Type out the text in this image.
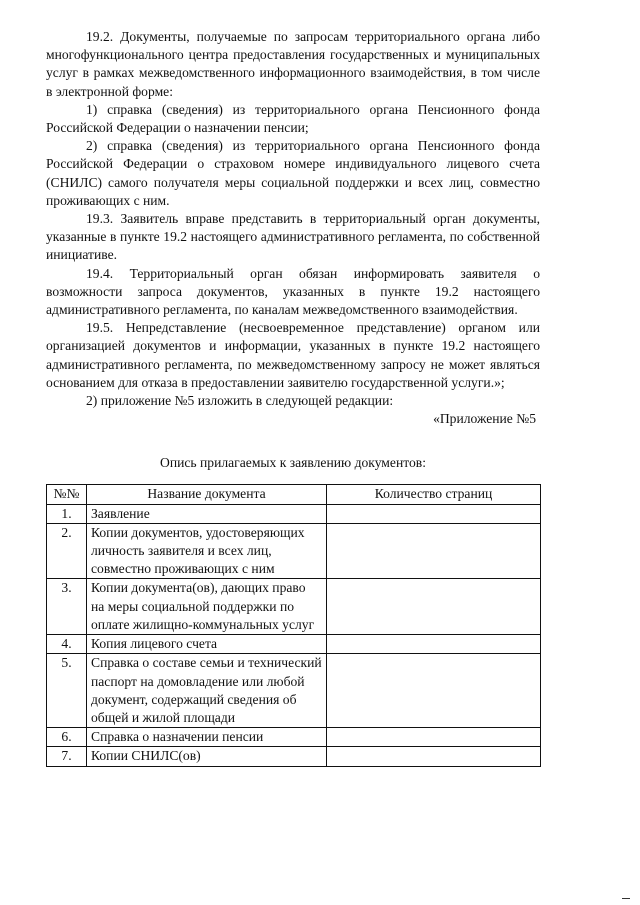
19.2. Документы, получаемые по запросам территориального органа либо многофункционального центра предоставления государственных и муниципальных услуг в рамках межведомственного информационного взаимодействия, в том числе в электронной форме:

1) справка (сведения) из территориального органа Пенсионного фонда Российской Федерации о назначении пенсии;

2) справка (сведения) из территориального органа Пенсионного фонда Российской Федерации о страховом номере индивидуального лицевого счета (СНИЛС) самого получателя меры социальной поддержки и всех лиц, совместно проживающих с ним.

19.3. Заявитель вправе представить в территориальный орган документы, указанные в пункте 19.2 настоящего административного регламента, по собственной инициативе.

19.4. Территориальный орган обязан информировать заявителя о возможности запроса документов, указанных в пункте 19.2 настоящего административного регламента, по каналам межведомственного взаимодействия.

19.5. Непредставление (несвоевременное представление) органом или организацией документов и информации, указанных в пункте 19.2 настоящего административного регламента, по межведомственному запросу не может являться основанием для отказа в предоставлении заявителю государственной услуги.»;

2) приложение №5 изложить в следующей редакции:

«Приложение №5

Опись прилагаемых к заявлению документов:

№№	Название документа	Количество страниц
1.	Заявление	
2.	Копии документов, удостоверяющих личность заявителя и всех лиц, совместно проживающих с ним	
3.	Копии документа(ов), дающих право на меры социальной поддержки по оплате жилищно-коммунальных услуг	
4.	Копия лицевого счета	
5.	Справка о составе семьи и технический паспорт на домовладение или любой документ, содержащий сведения об общей и жилой площади	
6.	Справка о назначении пенсии	
7.	Копии СНИЛС(ов)	
